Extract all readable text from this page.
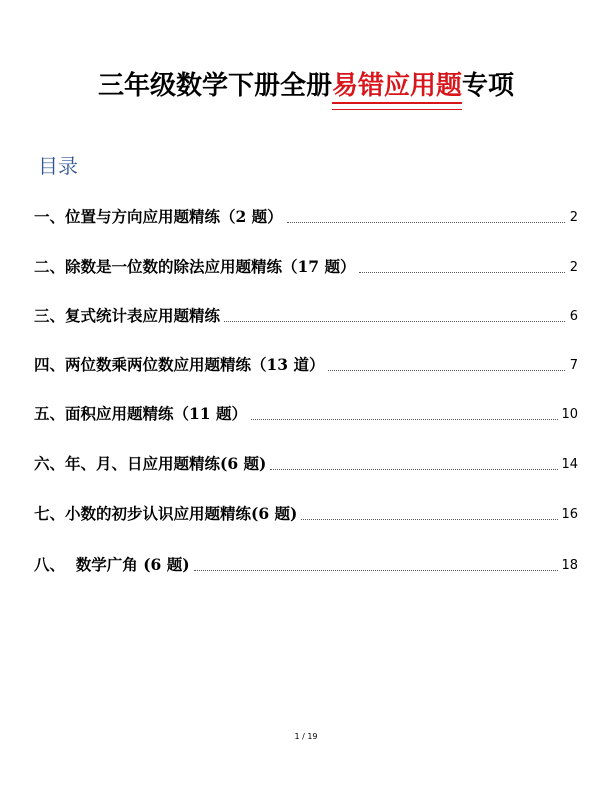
三年级数学下册全册易错应用题专项
目录
一、位置与方向应用题精练（2 题）	2
二、除数是一位数的除法应用题精练（17 题）	2
三、复式统计表应用题精练	6
四、两位数乘两位数应用题精练（13 道）	7
五、面积应用题精练（11 题）	10
六、年、月、日应用题精练(6 题)	14
七、小数的初步认识应用题精练(6 题)	16
八、  数学广角 (6 题)	18
1 / 19
